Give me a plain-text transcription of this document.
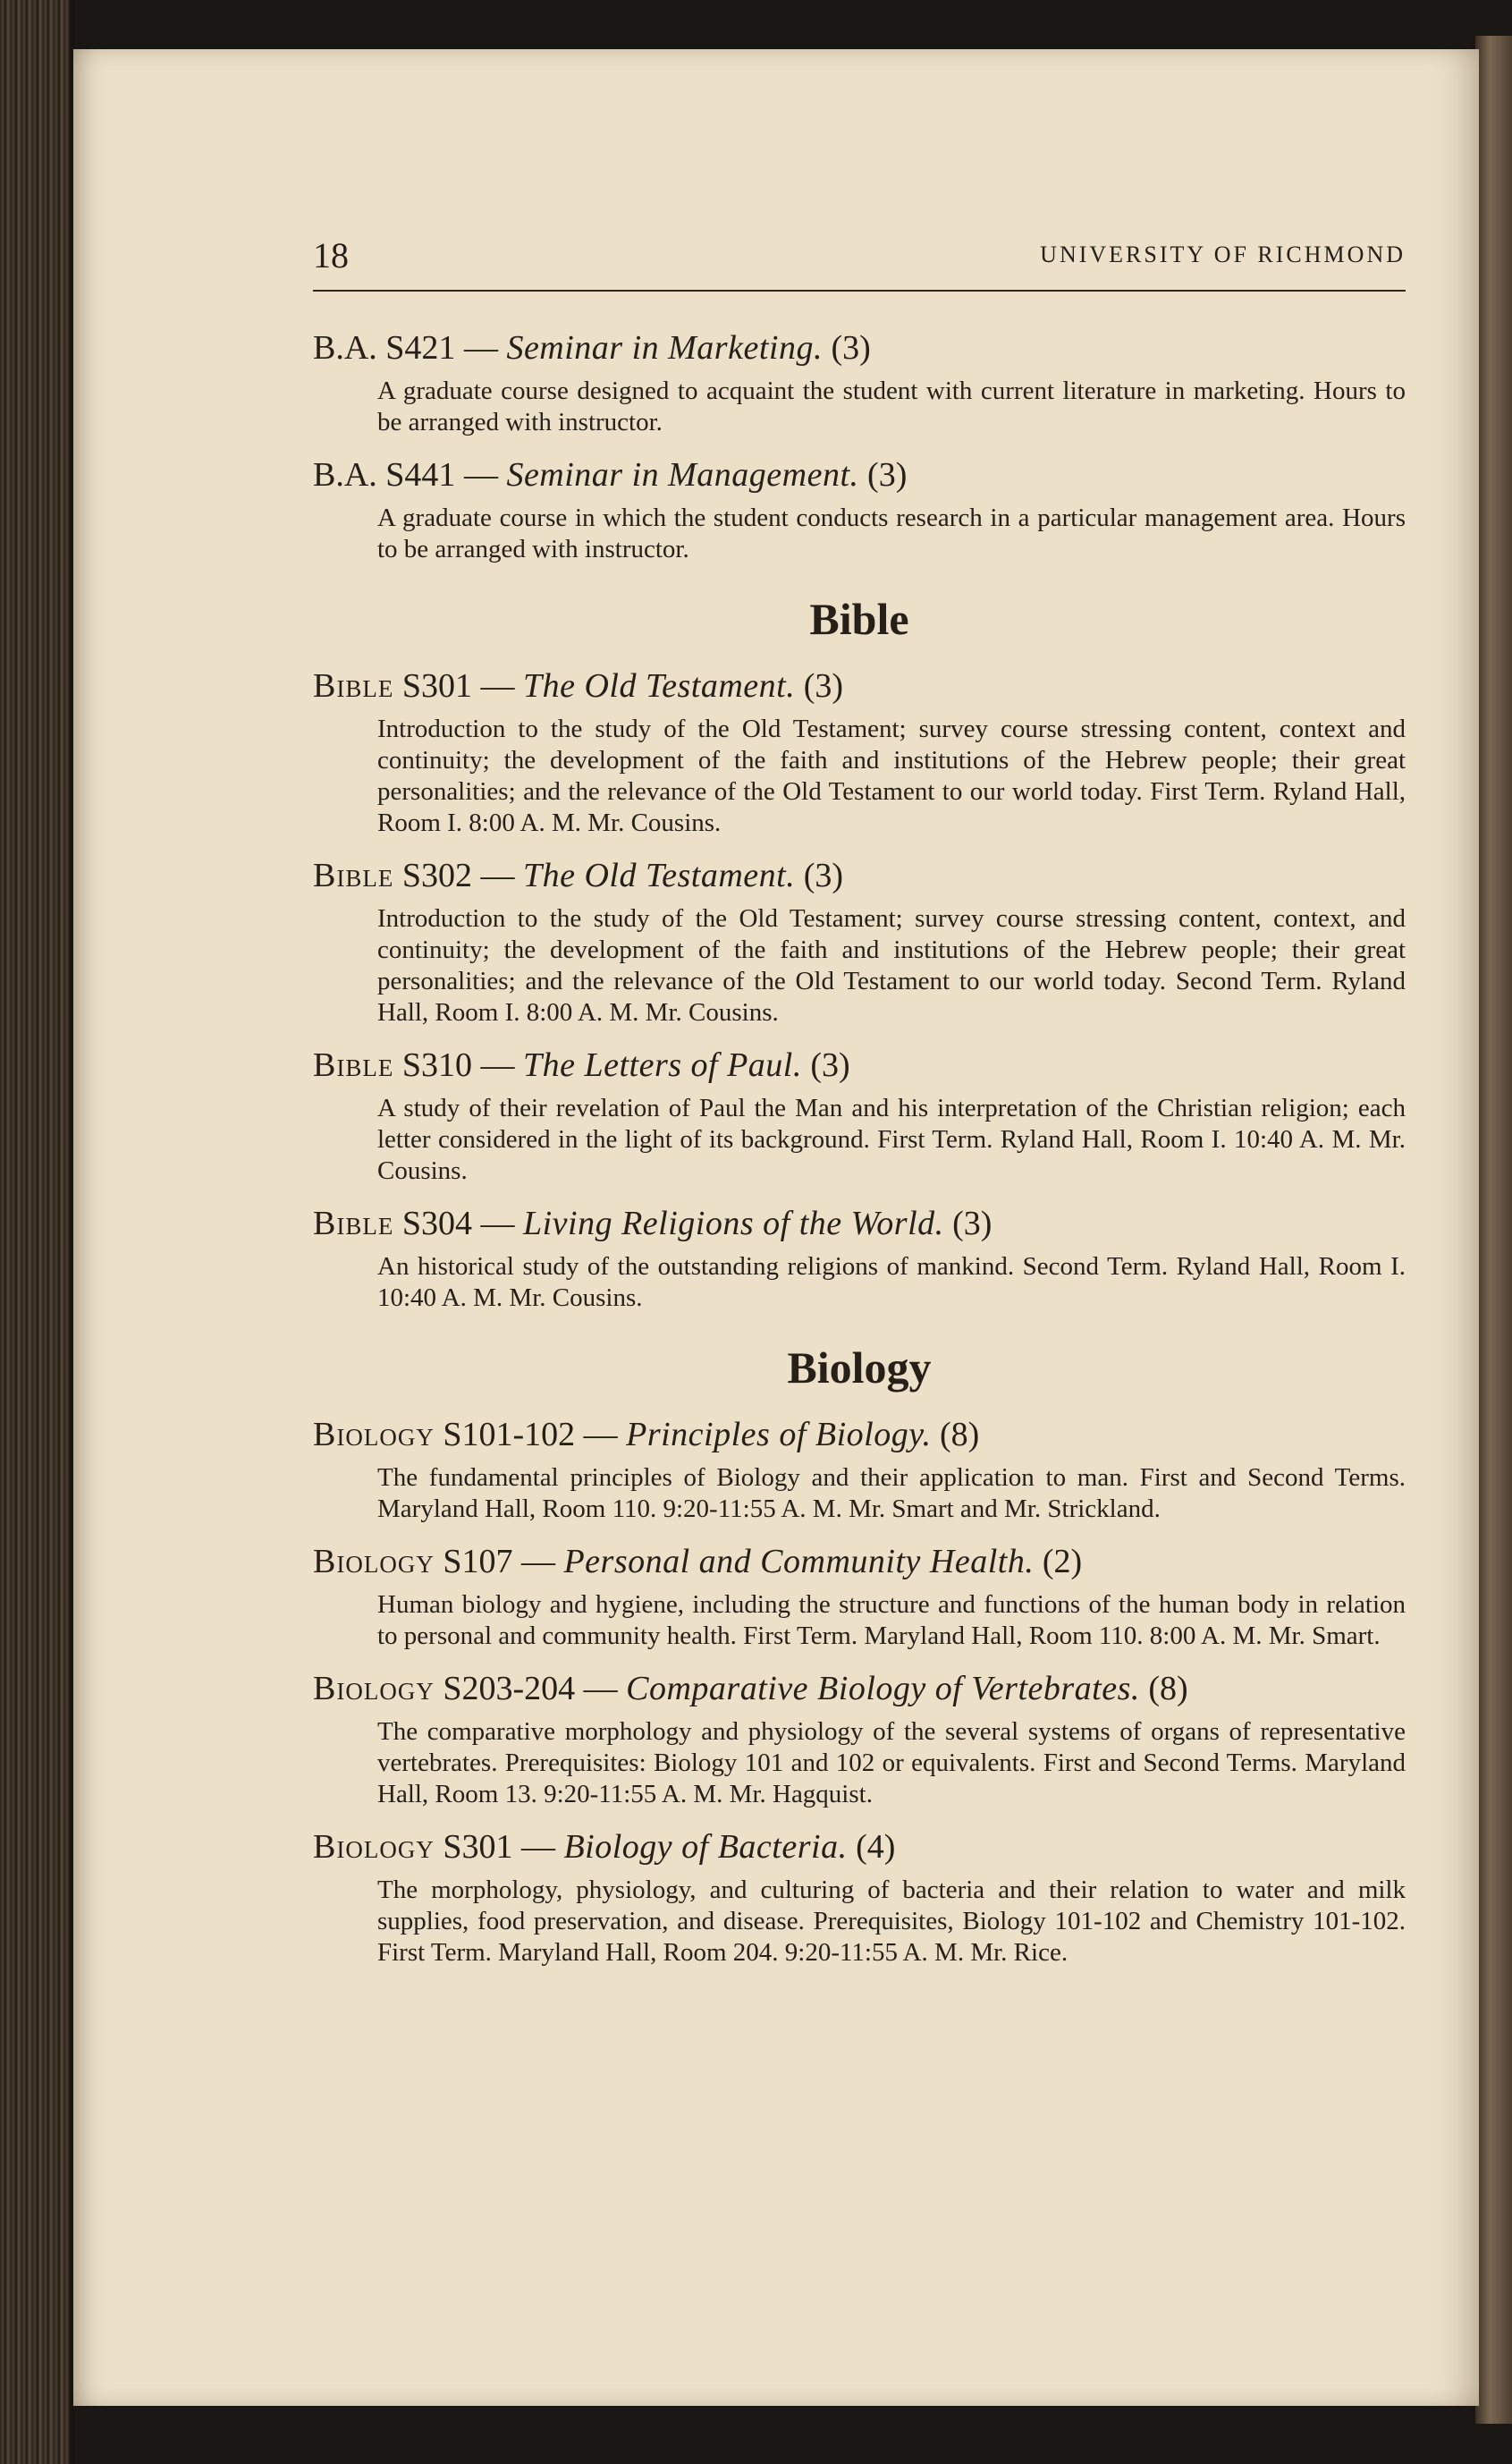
18	UNIVERSITY OF RICHMOND

B.A. S421 — Seminar in Marketing. (3)

A graduate course designed to acquaint the student with current literature in marketing. Hours to be arranged with instructor.

B.A. S441 — Seminar in Management. (3)

A graduate course in which the student conducts research in a particular management area. Hours to be arranged with instructor.

Bible

Bible S301 — The Old Testament. (3)

Introduction to the study of the Old Testament; survey course stressing content, context and continuity; the development of the faith and institutions of the Hebrew people; their great personalities; and the relevance of the Old Testament to our world today. First Term. Ryland Hall, Room I. 8:00 A. M. Mr. Cousins.

Bible S302 — The Old Testament. (3)

Introduction to the study of the Old Testament; survey course stressing content, context, and continuity; the development of the faith and institutions of the Hebrew people; their great personalities; and the relevance of the Old Testament to our world today. Second Term. Ryland Hall, Room I. 8:00 A. M. Mr. Cousins.

Bible S310 — The Letters of Paul. (3)

A study of their revelation of Paul the Man and his interpretation of the Christian religion; each letter considered in the light of its background. First Term. Ryland Hall, Room I. 10:40 A. M. Mr. Cousins.

Bible S304 — Living Religions of the World. (3)

An historical study of the outstanding religions of mankind. Second Term. Ryland Hall, Room I. 10:40 A. M. Mr. Cousins.

Biology

Biology S101-102 — Principles of Biology. (8)

The fundamental principles of Biology and their application to man. First and Second Terms. Maryland Hall, Room 110. 9:20-11:55 A. M. Mr. Smart and Mr. Strickland.

Biology S107 — Personal and Community Health. (2)

Human biology and hygiene, including the structure and functions of the human body in relation to personal and community health. First Term. Maryland Hall, Room 110. 8:00 A. M. Mr. Smart.

Biology S203-204 — Comparative Biology of Vertebrates. (8)

The comparative morphology and physiology of the several systems of organs of representative vertebrates. Prerequisites: Biology 101 and 102 or equivalents. First and Second Terms. Maryland Hall, Room 13. 9:20-11:55 A. M. Mr. Hagquist.

Biology S301 — Biology of Bacteria. (4)

The morphology, physiology, and culturing of bacteria and their relation to water and milk supplies, food preservation, and disease. Prerequisites, Biology 101-102 and Chemistry 101-102. First Term. Maryland Hall, Room 204. 9:20-11:55 A. M. Mr. Rice.
